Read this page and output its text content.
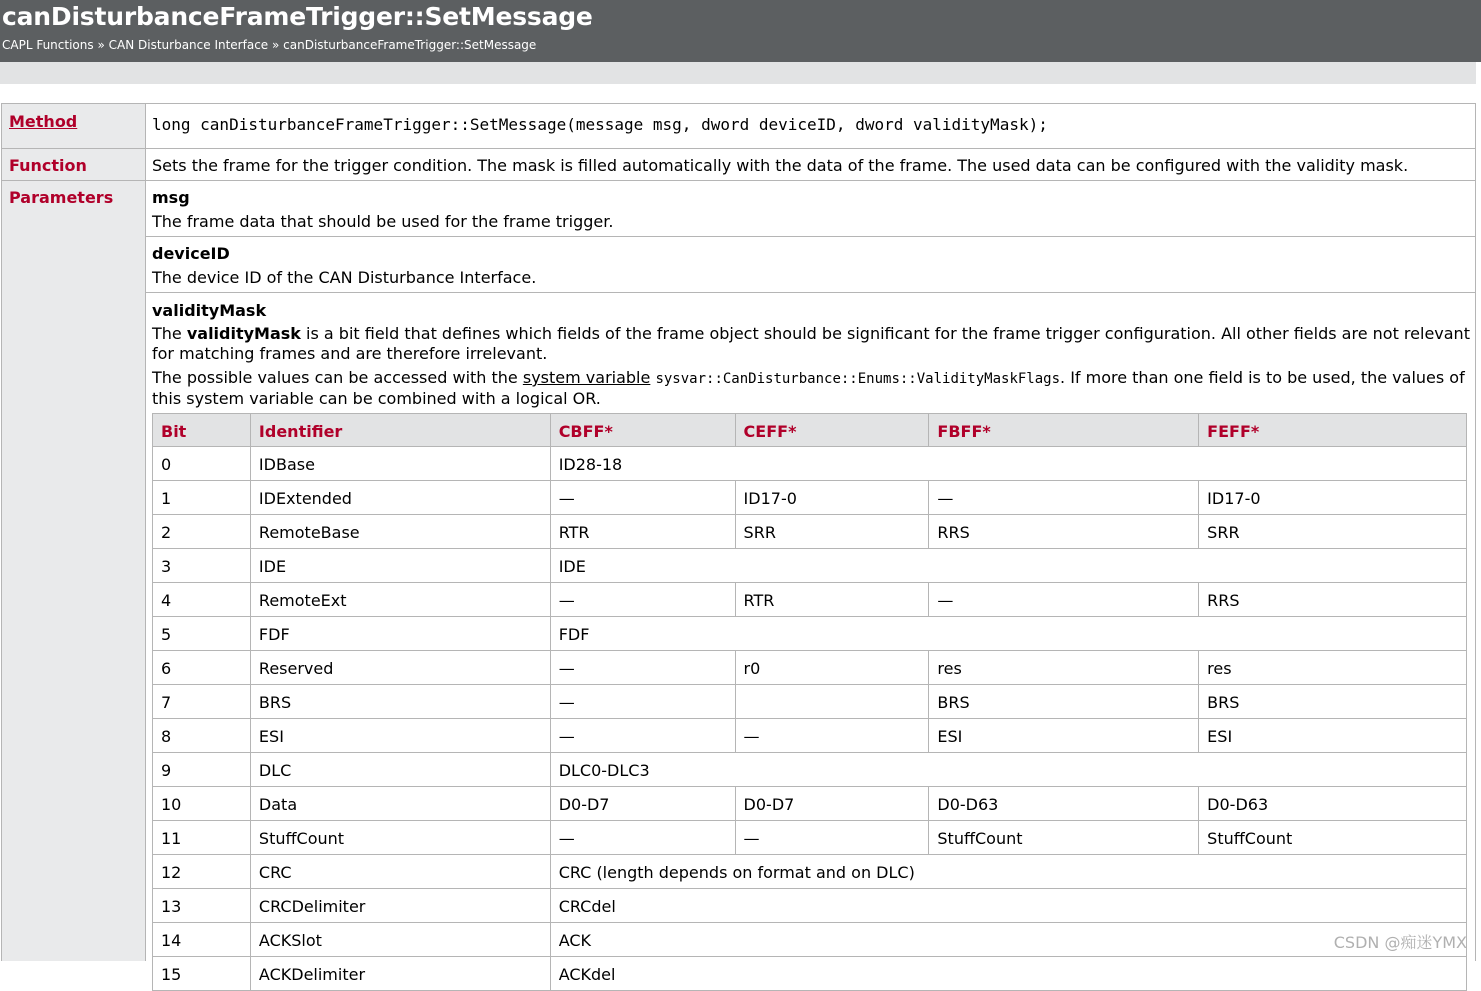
canDisturbanceFrameTrigger::SetMessage
CAPL Functions » CAN Disturbance Interface » canDisturbanceFrameTrigger::SetMessage
Method	long canDisturbanceFrameTrigger::SetMessage(message msg, dword deviceID, dword validityMask);
Function	Sets the frame for the trigger condition. The mask is filled automatically with the data of the frame. The used data can be configured with the validity mask.
Parameters msg
The frame data that should be used for the frame trigger.
deviceID
The device ID of the CAN Disturbance Interface.
validityMask
The validityMask is a bit field that defines which fields of the frame object should be significant for the frame trigger configuration. All other fields are not relevant for matching frames and are therefore irrelevant.
The possible values can be accessed with the system variable sysvar::CanDisturbance::Enums::ValidityMaskFlags. If more than one field is to be used, the values of this system variable can be combined with a logical OR.
Bit	Identifier	CBFF*	CEFF*	FBFF*	FEFF*
0	IDBase	ID28-18			
1	IDExtended	—	ID17-0	—	ID17-0
2	RemoteBase	RTR	SRR	RRS	SRR
3	IDE	IDE			
4	RemoteExt	—	RTR	—	RRS
5	FDF	FDF			
6	Reserved	—	r0	res	res
7	BRS	—		BRS	BRS
8	ESI	—	—	ESI	ESI
9	DLC	DLC0-DLC3			
10	Data	D0-D7	D0-D7	D0-D63	D0-D63
11	StuffCount	—	—	StuffCount	StuffCount
12	CRC	CRC (length depends on format and on DLC)			
13	CRCDelimiter	CRCdel			
14	ACKSlot	ACK			
15	ACKDelimiter	ACKdel			
CSDN @痴迷YMX
